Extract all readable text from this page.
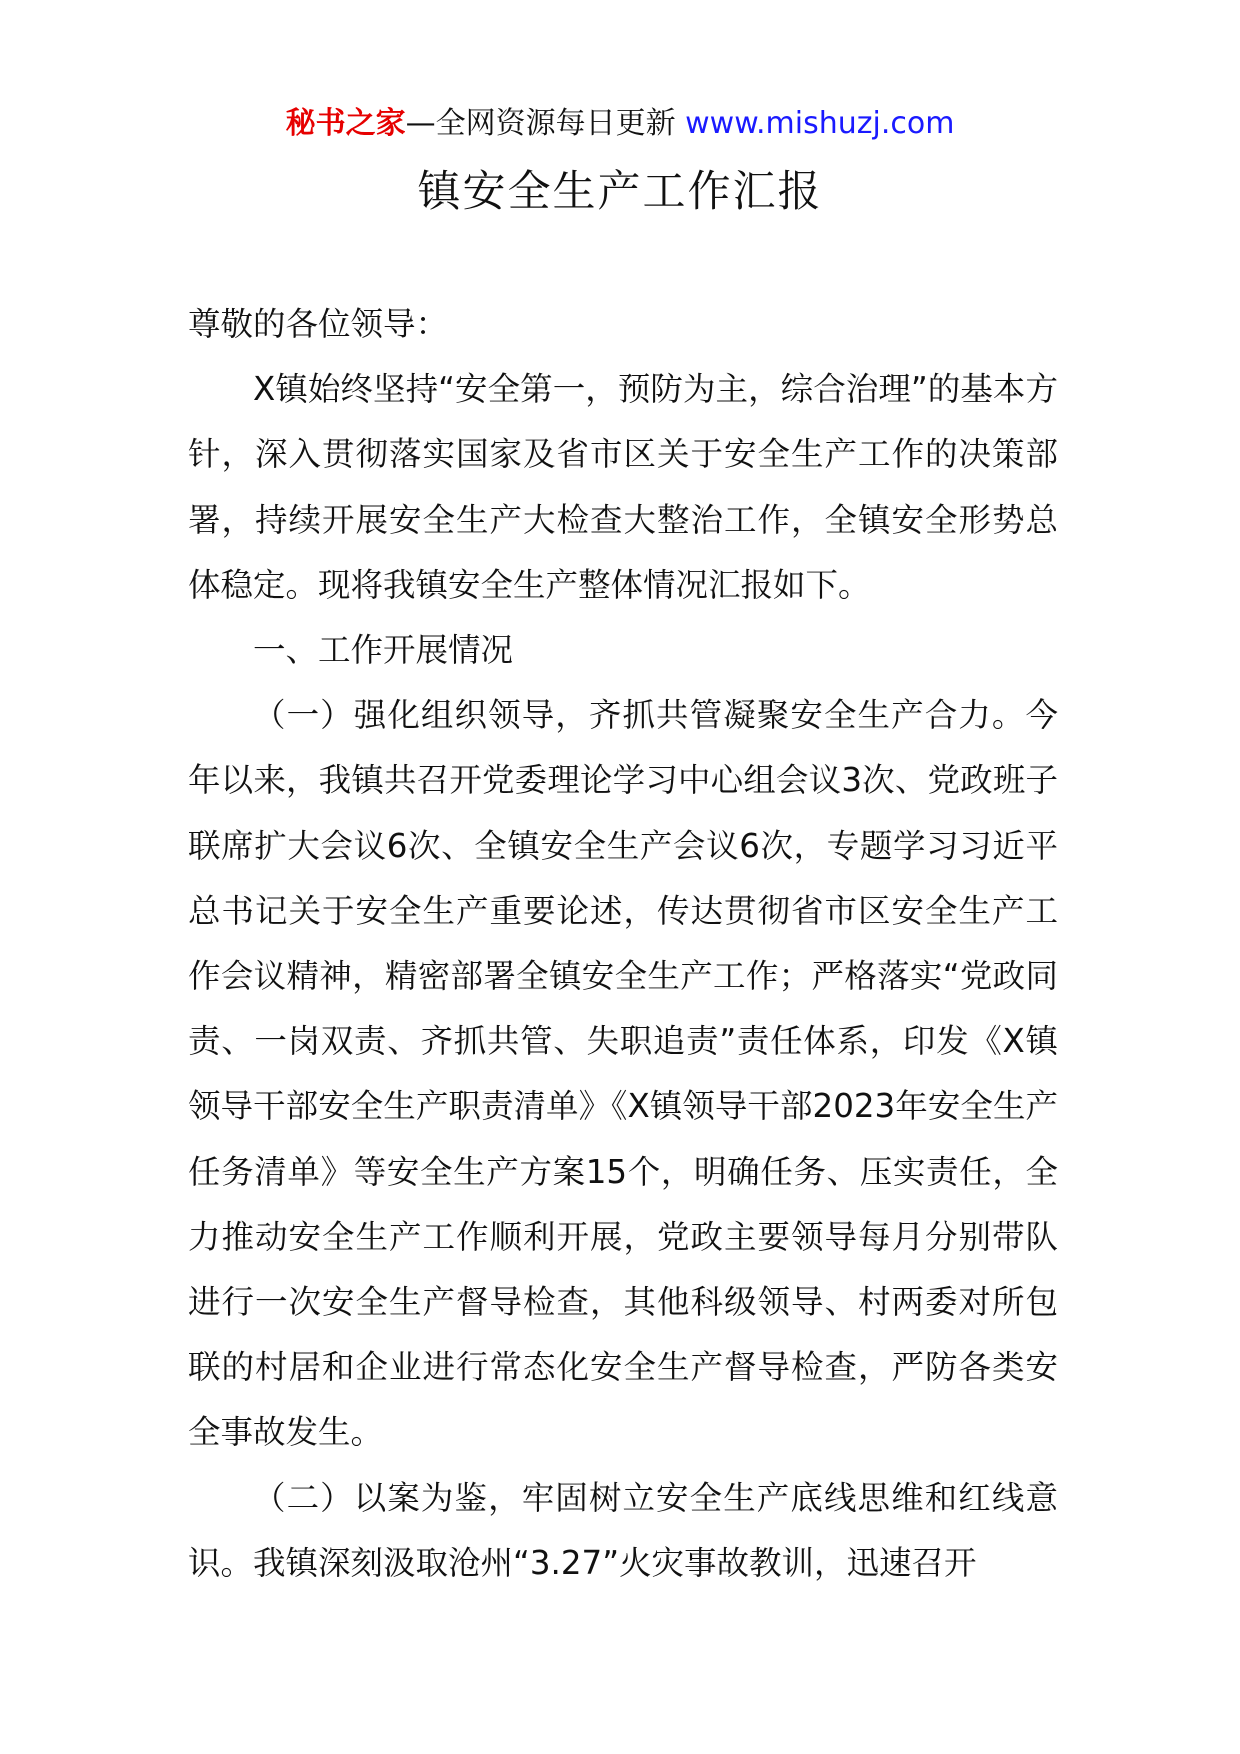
秘书之家—全网资源每日更新 www.mishuzj.com
镇安全生产工作汇报

尊敬的各位领导：

X镇始终坚持“安全第一，预防为主，综合治理”的基本方针，深入贯彻落实国家及省市区关于安全生产工作的决策部署，持续开展安全生产大检查大整治工作，全镇安全形势总体稳定。现将我镇安全生产整体情况汇报如下。

一、工作开展情况

（一）强化组织领导，齐抓共管凝聚安全生产合力。今年以来，我镇共召开党委理论学习中心组会议3次、党政班子联席扩大会议6次、全镇安全生产会议6次，专题学习习近平总书记关于安全生产重要论述，传达贯彻省市区安全生产工作会议精神，精密部署全镇安全生产工作；严格落实“党政同责、一岗双责、齐抓共管、失职追责”责任体系，印发《X镇领导干部安全生产职责清单》《X镇领导干部2023年安全生产任务清单》等安全生产方案15个，明确任务、压实责任，全力推动安全生产工作顺利开展，党政主要领导每月分别带队进行一次安全生产督导检查，其他科级领导、村两委对所包联的村居和企业进行常态化安全生产督导检查，严防各类安全事故发生。

（二）以案为鉴，牢固树立安全生产底线思维和红线意识。我镇深刻汲取沧州“3.27”火灾事故教训，迅速召开
